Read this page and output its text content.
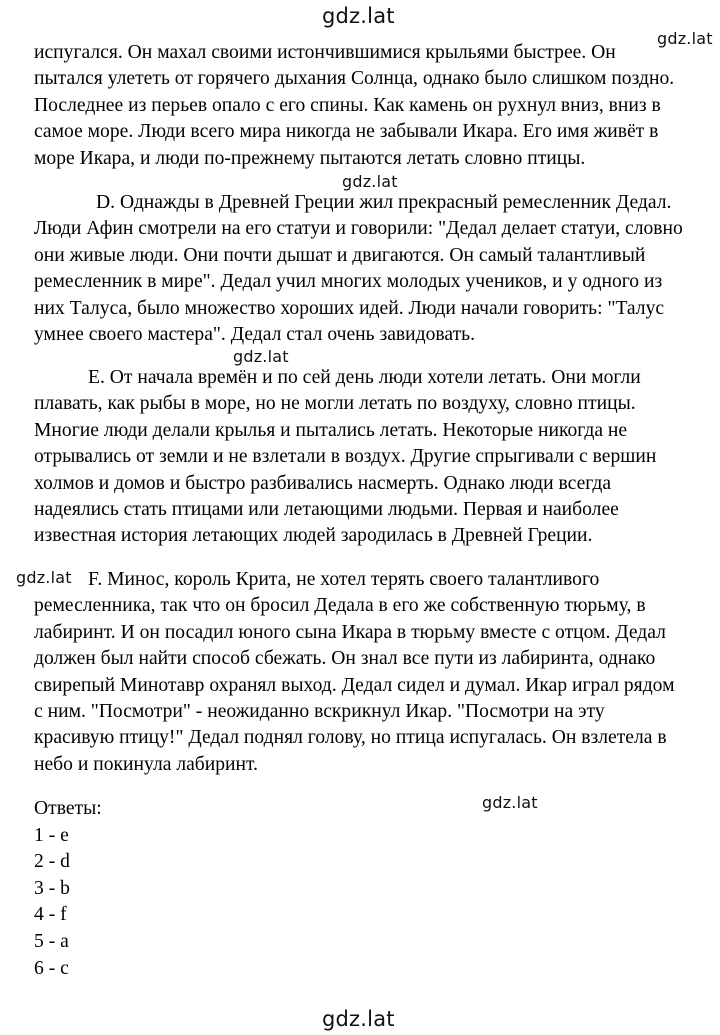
gdz.lat
gdz.lat
gdz.lat
gdz.lat
gdz.lat
gdz.lat
gdz.lat
испугался. Он махал своими истончившимися крыльями быстрее. Он
пытался улететь от горячего дыхания Солнца, однако было слишком поздно.
Последнее из перьев опало с его спины. Как камень он рухнул вниз, вниз в
самое море. Люди всего мира никогда не забывали Икара. Его имя живёт в
море Икара, и люди по-прежнему пытаются летать словно птицы.
D. Однажды в Древней Греции жил прекрасный ремесленник Дедал.
Люди Афин смотрели на его статуи и говорили: "Дедал делает статуи, словно
они живые люди. Они почти дышат и двигаются. Он самый талантливый
ремесленник в мире". Дедал учил многих молодых учеников, и у одного из
них Талуса, было множество хороших идей. Люди начали говорить: "Талус
умнее своего мастера". Дедал стал очень завидовать.
E. От начала времён и по сей день люди хотели летать. Они могли
плавать, как рыбы в море, но не могли летать по воздуху, словно птицы.
Многие люди делали крылья и пытались летать. Некоторые никогда не
отрывались от земли и не взлетали в воздух. Другие спрыгивали с вершин
холмов и домов и быстро разбивались насмерть. Однако люди всегда
надеялись стать птицами или летающими людьми. Первая и наиболее
известная история летающих людей зародилась в Древней Греции.
F. Минос, король Крита, не хотел терять своего талантливого
ремесленника, так что он бросил Дедала в его же собственную тюрьму, в
лабиринт. И он посадил юного сына Икара в тюрьму вместе с отцом. Дедал
должен был найти способ сбежать. Он знал все пути из лабиринта, однако
свирепый Минотавр охранял выход. Дедал сидел и думал. Икар играл рядом
с ним. "Посмотри" - неожиданно вскрикнул Икар. "Посмотри на эту
красивую птицу!" Дедал поднял голову, но птица испугалась. Он взлетела в
небо и покинула лабиринт.
Ответы:
1 - e
2 - d
3 - b
4 - f
5 - a
6 - c
